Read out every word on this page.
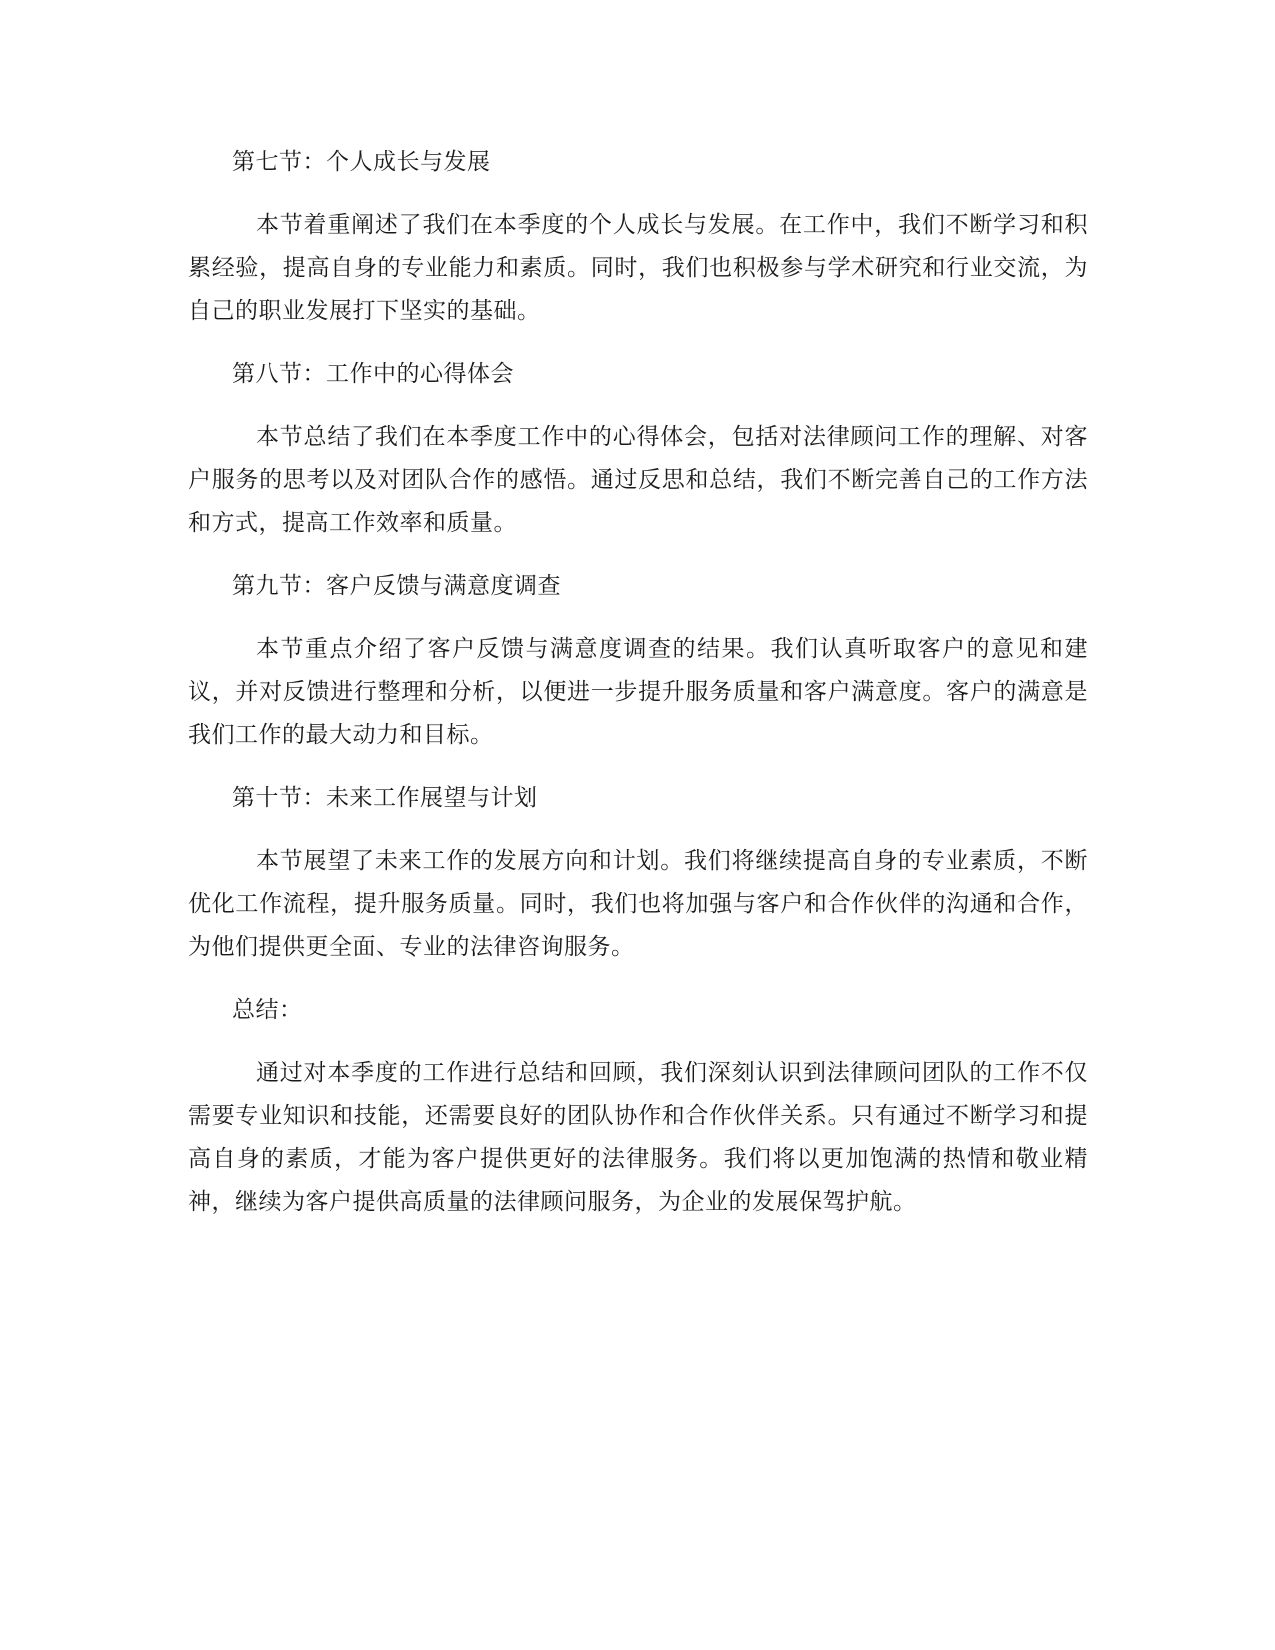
第七节：个人成长与发展

本节着重阐述了我们在本季度的个人成长与发展。在工作中，我们不断学习和积累经验，提高自身的专业能力和素质。同时，我们也积极参与学术研究和行业交流，为自己的职业发展打下坚实的基础。

第八节：工作中的心得体会

本节总结了我们在本季度工作中的心得体会，包括对法律顾问工作的理解、对客户服务的思考以及对团队合作的感悟。通过反思和总结，我们不断完善自己的工作方法和方式，提高工作效率和质量。

第九节：客户反馈与满意度调查

本节重点介绍了客户反馈与满意度调查的结果。我们认真听取客户的意见和建议，并对反馈进行整理和分析，以便进一步提升服务质量和客户满意度。客户的满意是我们工作的最大动力和目标。

第十节：未来工作展望与计划

本节展望了未来工作的发展方向和计划。我们将继续提高自身的专业素质，不断优化工作流程，提升服务质量。同时，我们也将加强与客户和合作伙伴的沟通和合作，为他们提供更全面、专业的法律咨询服务。

总结：

通过对本季度的工作进行总结和回顾，我们深刻认识到法律顾问团队的工作不仅需要专业知识和技能，还需要良好的团队协作和合作伙伴关系。只有通过不断学习和提高自身的素质，才能为客户提供更好的法律服务。我们将以更加饱满的热情和敬业精神，继续为客户提供高质量的法律顾问服务，为企业的发展保驾护航。
